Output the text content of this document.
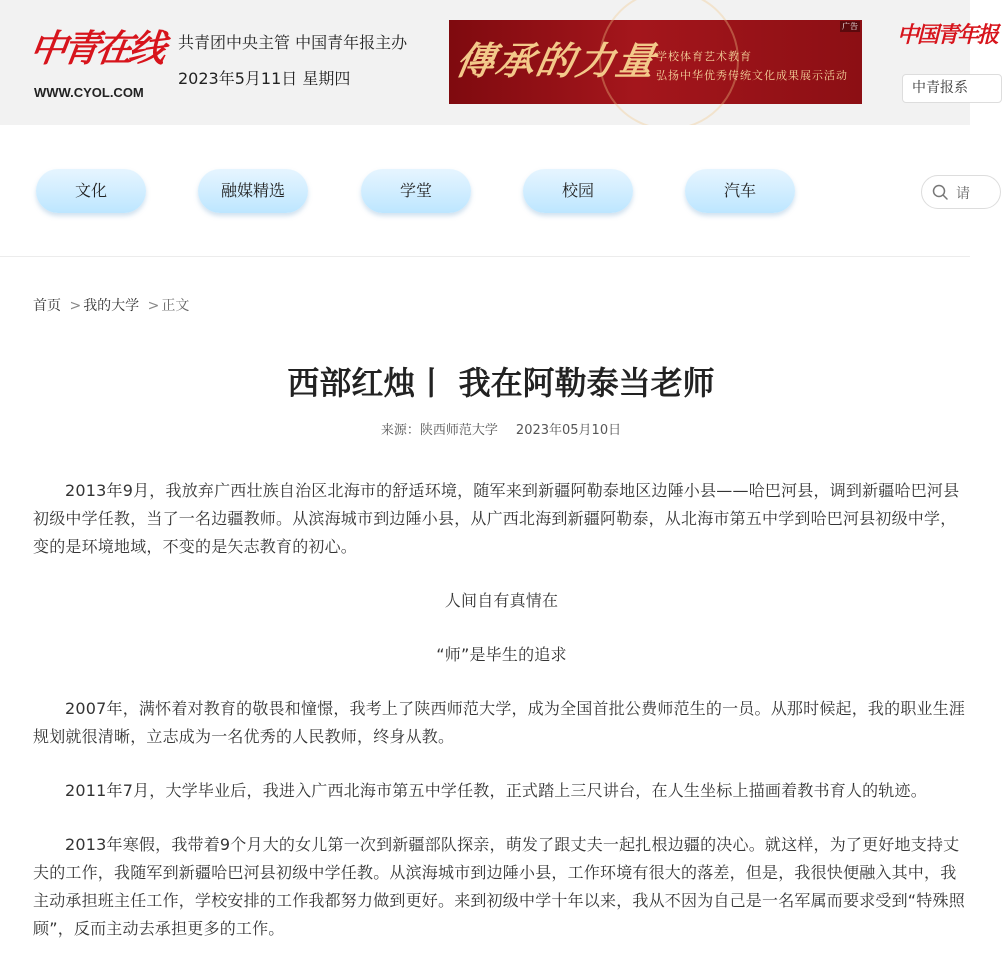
中青在线
WWW.CYOL.COM
共青团中央主管 中国青年报主办
2023年5月11日 星期四	傳承的力量
学校体育艺术教育
弘扬中华优秀传统文化成果展示活动
广告 中国青年报
中青报系
文化	融媒精选	学堂	校园	汽车	请
首页 > 我的大学 > 正文
西部红烛丨 我在阿勒泰当老师
来源：陕西师范大学 2023年05月10日

2013年9月，我放弃广西壮族自治区北海市的舒适环境，随军来到新疆阿勒泰地区边陲小县——哈巴河县，调到新疆哈巴河县初级中学任教，当了一名边疆教师。从滨海城市到边陲小县，从广西北海到新疆阿勒泰，从北海市第五中学到哈巴河县初级中学，变的是环境地域，不变的是矢志教育的初心。

人间自有真情在

“师”是毕生的追求

2007年，满怀着对教育的敬畏和憧憬，我考上了陕西师范大学，成为全国首批公费师范生的一员。从那时候起，我的职业生涯规划就很清晰，立志成为一名优秀的人民教师，终身从教。

2011年7月，大学毕业后，我进入广西北海市第五中学任教，正式踏上三尺讲台，在人生坐标上描画着教书育人的轨迹。

2013年寒假，我带着9个月大的女儿第一次到新疆部队探亲，萌发了跟丈夫一起扎根边疆的决心。就这样，为了更好地支持丈夫的工作，我随军到新疆哈巴河县初级中学任教。从滨海城市到边陲小县，工作环境有很大的落差，但是，我很快便融入其中，我主动承担班主任工作，学校安排的工作我都努力做到更好。来到初级中学十年以来，我从不因为自己是一名军属而要求受到“特殊照顾”，反而主动去承担更多的工作。
